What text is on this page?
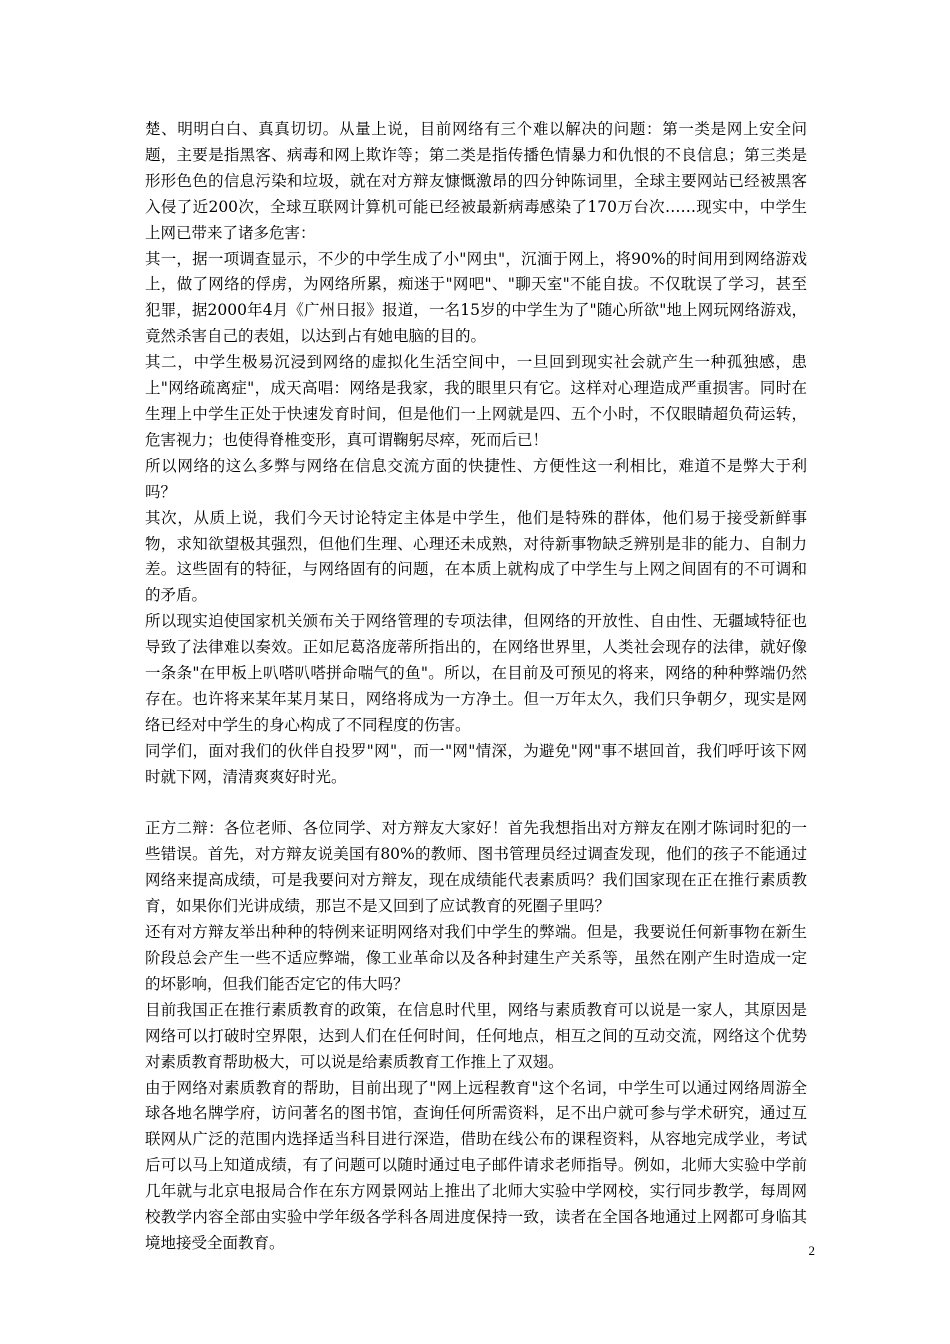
楚、明明白白、真真切切。从量上说，目前网络有三个难以解决的问题：第一类是网上安全问题，主要是指黑客、病毒和网上欺诈等；第二类是指传播色情暴力和仇恨的不良信息；第三类是形形色色的信息污染和垃圾，就在对方辩友慷慨激昂的四分钟陈词里，全球主要网站已经被黑客入侵了近200次，全球互联网计算机可能已经被最新病毒感染了170万台次……现实中，中学生上网已带来了诸多危害：

其一，据一项调查显示，不少的中学生成了小"网虫"，沉湎于网上，将90%的时间用到网络游戏上，做了网络的俘虏，为网络所累，痴迷于"网吧"、"聊天室"不能自拔。不仅耽误了学习，甚至犯罪，据2000年4月《广州日报》报道，一名15岁的中学生为了"随心所欲"地上网玩网络游戏，竟然杀害自己的表姐，以达到占有她电脑的目的。

其二，中学生极易沉浸到网络的虚拟化生活空间中，一旦回到现实社会就产生一种孤独感，患上"网络疏离症"，成天高唱：网络是我家，我的眼里只有它。这样对心理造成严重损害。同时在生理上中学生正处于快速发育时间，但是他们一上网就是四、五个小时，不仅眼睛超负荷运转，危害视力；也使得脊椎变形，真可谓鞠躬尽瘁，死而后已！

所以网络的这么多弊与网络在信息交流方面的快捷性、方便性这一利相比，难道不是弊大于利吗？

其次，从质上说，我们今天讨论特定主体是中学生，他们是特殊的群体，他们易于接受新鲜事物，求知欲望极其强烈，但他们生理、心理还未成熟，对待新事物缺乏辨别是非的能力、自制力差。这些固有的特征，与网络固有的问题，在本质上就构成了中学生与上网之间固有的不可调和的矛盾。

所以现实迫使国家机关颁布关于网络管理的专项法律，但网络的开放性、自由性、无疆域特征也导致了法律难以奏效。正如尼葛洛庞蒂所指出的，在网络世界里，人类社会现存的法律，就好像一条条"在甲板上叭嗒叭嗒拼命喘气的鱼"。所以，在目前及可预见的将来，网络的种种弊端仍然存在。也许将来某年某月某日，网络将成为一方净土。但一万年太久，我们只争朝夕，现实是网络已经对中学生的身心构成了不同程度的伤害。

同学们，面对我们的伙伴自投罗"网"，而一"网"情深，为避免"网"事不堪回首，我们呼吁该下网时就下网，清清爽爽好时光。

正方二辩：各位老师、各位同学、对方辩友大家好！首先我想指出对方辩友在刚才陈词时犯的一些错误。首先，对方辩友说美国有80%的教师、图书管理员经过调查发现，他们的孩子不能通过网络来提高成绩，可是我要问对方辩友，现在成绩能代表素质吗？我们国家现在正在推行素质教育，如果你们光讲成绩，那岂不是又回到了应试教育的死圈子里吗？

还有对方辩友举出种种的特例来证明网络对我们中学生的弊端。但是，我要说任何新事物在新生阶段总会产生一些不适应弊端，像工业革命以及各种封建生产关系等，虽然在刚产生时造成一定的坏影响，但我们能否定它的伟大吗？

目前我国正在推行素质教育的政策，在信息时代里，网络与素质教育可以说是一家人，其原因是网络可以打破时空界限，达到人们在任何时间，任何地点，相互之间的互动交流，网络这个优势对素质教育帮助极大，可以说是给素质教育工作推上了双翅。

由于网络对素质教育的帮助，目前出现了"网上远程教育"这个名词，中学生可以通过网络周游全球各地名牌学府，访问著名的图书馆，查询任何所需资料，足不出户就可参与学术研究，通过互联网从广泛的范围内选择适当科目进行深造，借助在线公布的课程资料，从容地完成学业，考试后可以马上知道成绩，有了问题可以随时通过电子邮件请求老师指导。例如，北师大实验中学前几年就与北京电报局合作在东方网景网站上推出了北师大实验中学网校，实行同步教学，每周网校教学内容全部由实验中学年级各学科各周进度保持一致，读者在全国各地通过上网都可身临其境地接受全面教育。	2
